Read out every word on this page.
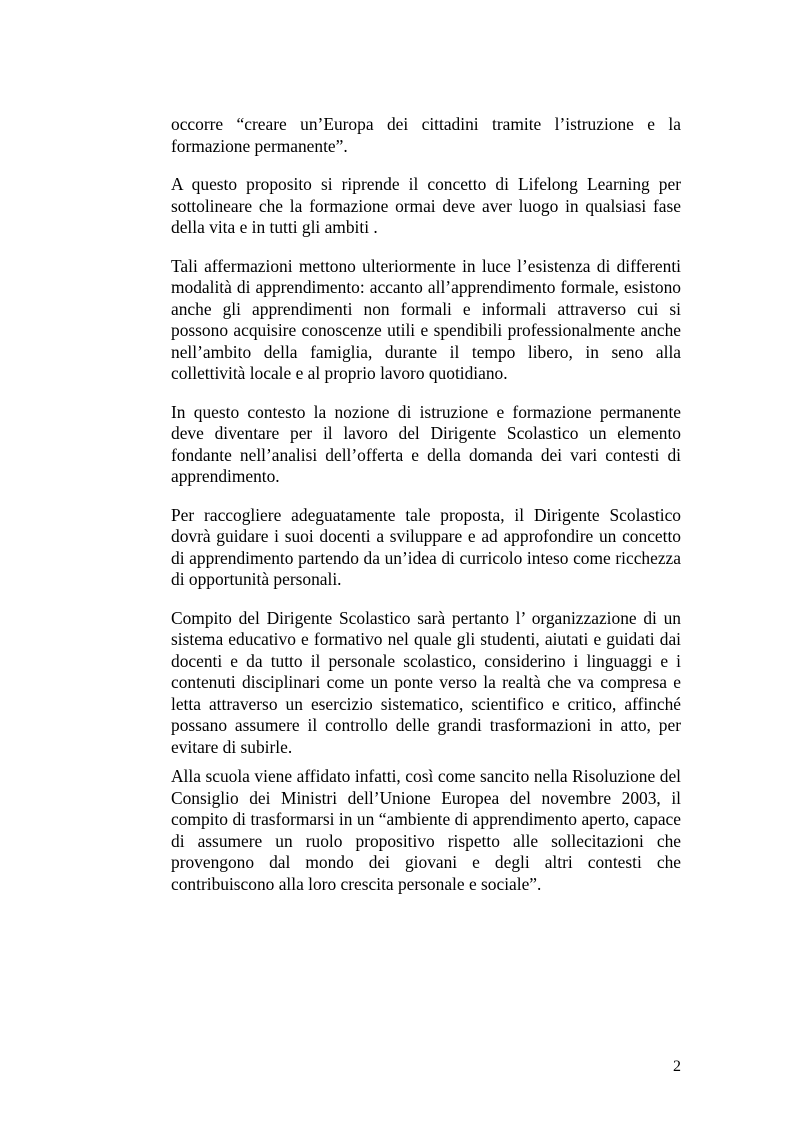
occorre “creare un’Europa dei cittadini tramite l’istruzione e la formazione permanente”.

A questo proposito si riprende il concetto di Lifelong Learning per sottolineare che la formazione ormai deve aver luogo in qualsiasi fase della vita e in tutti gli ambiti .

Tali affermazioni mettono ulteriormente in luce l’esistenza di differenti modalità di apprendimento: accanto all’apprendimento formale, esistono anche gli apprendimenti non formali e informali attraverso cui si possono acquisire conoscenze utili e spendibili professionalmente anche nell’ambito della famiglia, durante il tempo libero, in seno alla collettività locale e al proprio lavoro quotidiano.

In questo contesto la nozione di istruzione e formazione permanente deve diventare per il lavoro del Dirigente Scolastico un elemento fondante nell’analisi dell’offerta e della domanda dei vari contesti di apprendimento.

Per raccogliere adeguatamente tale proposta, il Dirigente Scolastico dovrà guidare i suoi docenti a sviluppare e ad approfondire un concetto di apprendimento partendo da un’idea di curricolo inteso come ricchezza di opportunità personali.

Compito del Dirigente Scolastico sarà pertanto l’ organizzazione di un sistema educativo e formativo nel quale gli studenti, aiutati e guidati dai docenti e da tutto il personale scolastico, considerino i linguaggi e i contenuti disciplinari come un ponte verso la realtà che va compresa e letta attraverso un esercizio sistematico, scientifico e critico, affinché possano assumere il controllo delle grandi trasformazioni in atto, per evitare di subirle.

Alla scuola viene affidato infatti, così come sancito nella Risoluzione del Consiglio dei Ministri dell’Unione Europea del novembre 2003, il compito di trasformarsi in un “ambiente di apprendimento aperto, capace di assumere un ruolo propositivo rispetto alle sollecitazioni che provengono dal mondo dei giovani e degli altri contesti che contribuiscono alla loro crescita personale e sociale”.

2
